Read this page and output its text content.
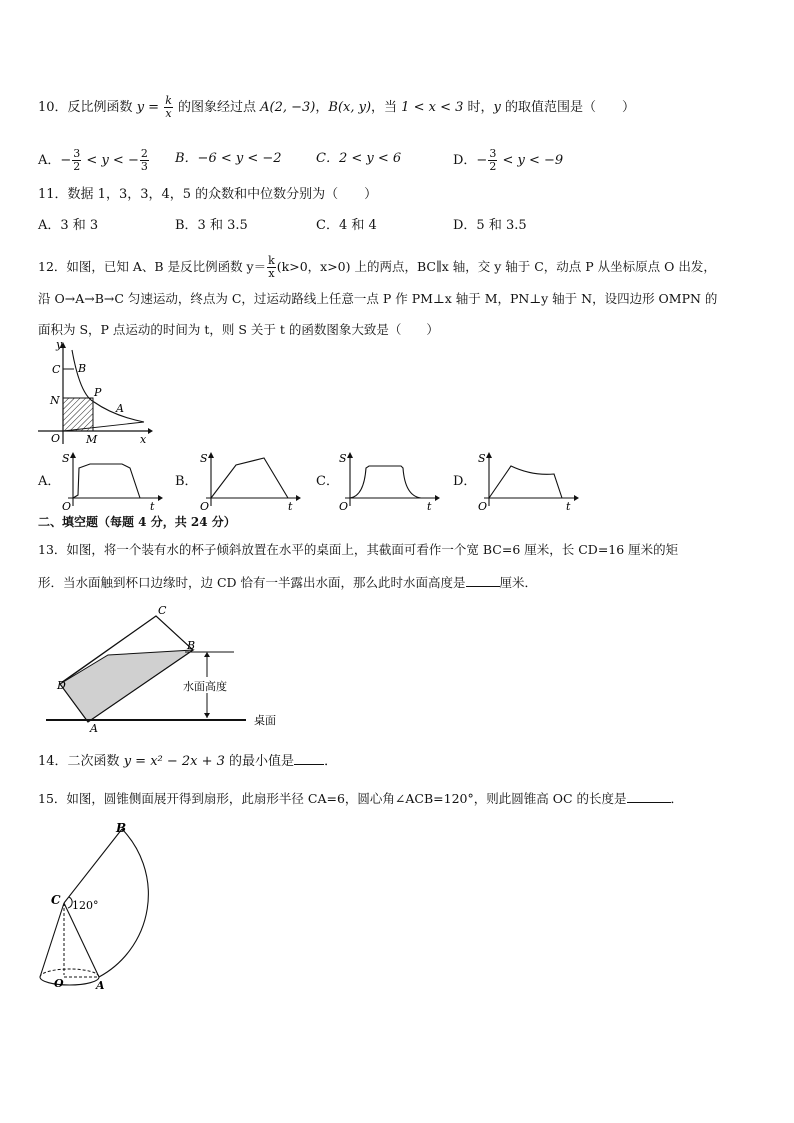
10．反比例函数 $y = \frac{k}{x}$ 的图象经过点 A(2, −3)，B(x, y)，当 1 < x < 3 时，y 的取值范围是（　　）
A．− $\frac{3}{2} < y$ < − $\frac{2}{3}$ B．−6 < y < −2	C．2 < y < 6	D．− $\frac{3}{2} < y < -9$
11．数据 1，3，3，4，5 的众数和中位数分别为（　　）
A．3 和 3	B．3 和 3.5	C．4 和 4	D．5 和 3.5
12．如图，已知 A、B 是反比例函数 $y= \frac{k}{x} (k>0$，x>0) 上的两点，BC∥x 轴，交 y 轴于 C，动点 P 从坐标原点 O 出发，
沿 O→A→B→C 匀速运动，终点为 C，过运动路线上任意一点 P 作 PM⊥x 轴于 M，PN⊥y 轴于 N，设四边形 OMPN 的
面积为 S，P 点运动的时间为 t，则 S 关于 t 的函数图象大致是（　　）
y
x
C B
N
P
A
O M
A．	B．	C．	D．
S
O	t
S
O	t
S
O	t
S
O	t
二、填空题（每题 4 分，共 24 分）
13．如图，将一个装有水的杯子倾斜放置在水平的桌面上，其截面可看作一个宽 BC=6 厘米，长 CD=16 厘米的矩
形．当水面触到杯口边缘时，边 CD 恰有一半露出水面，那么此时水面高度是	厘米．
水面高度
桌面
C
B
D
A
14．二次函数 y = x² − 2x + 3 的最小值是 ．
15．如图，圆锥侧面展开得到扇形，此扇形半径 CA=6，圆心角∠ACB=120°，则此圆锥高 OC 的长度是	．
B
C 120°
O	A
